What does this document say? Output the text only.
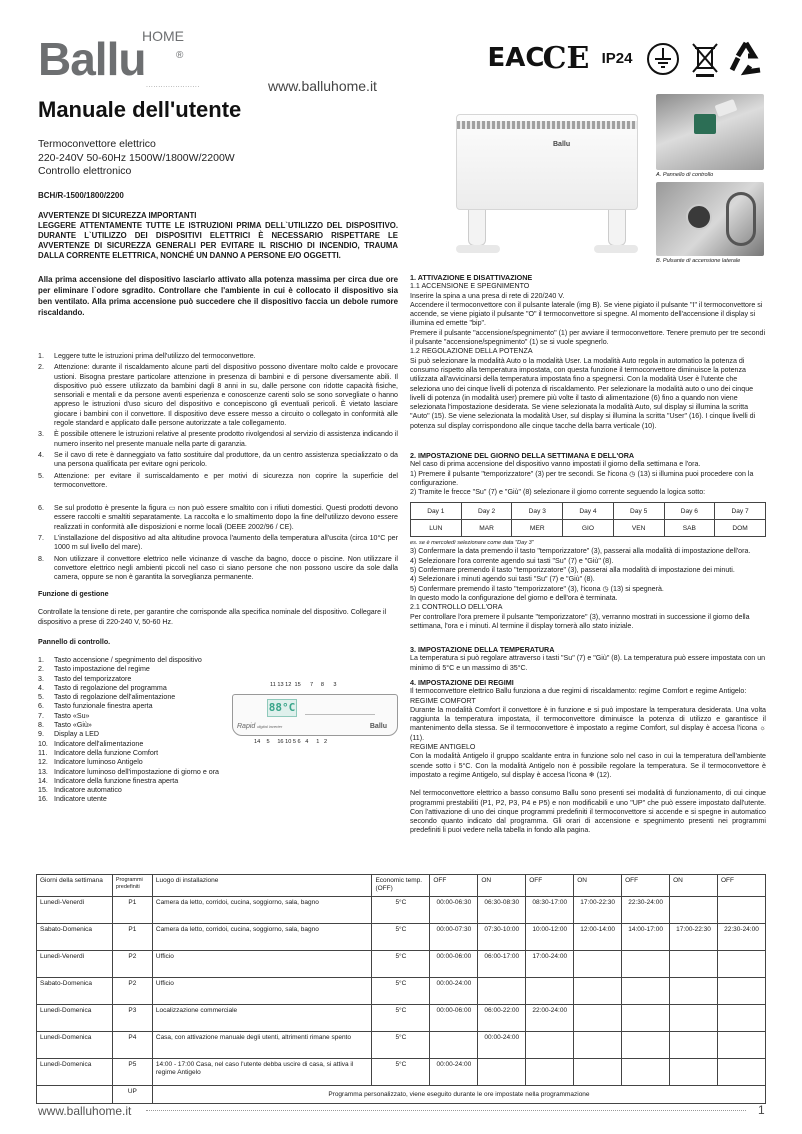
Ballu
HOME
®
......................	www.balluhome.it
EAC
CE IP24
Manuale dell'utente
Termoconvettore elettrico
220-240V 50-60Hz 1500W/1800W/2200W
Controllo elettronico
BCH/R-1500/1800/2200
Ballu
A. Pannello di controllo
B. Pulsante di accensione laterale
AVVERTENZE DI SICUREZZA IMPORTANTI
LEGGERE ATTENTAMENTE TUTTE LE ISTRUZIONI PRIMA DELL`UTILIZZO DEL DISPOSITIVO. DURANTE L`UTILIZZO DEI DISPOSITIVI ELETTRICI È NECESSARIO RISPETTARE LE AVVERTENZE DI SICUREZZA GENERALI PER EVITARE IL RISCHIO DI INCENDIO, TRAUMA DALLA CORRENTE ELETTRICA, NONCHÉ UN DANNO A PERSONE E/O OGGETTI.
Alla prima accensione del dispositivo lasciarlo attivato alla potenza massima per circa due ore per eliminare l`odore sgradito. Controllare che l'ambiente in cui è collocato il dispositivo sia ben ventilato. Alla prima accensione può succedere che il dispositivo faccia un debole rumore riscaldando.
1. Leggere tutte le istruzioni prima dell'utilizzo del termoconvettore.
2. Attenzione: durante il riscaldamento alcune parti del dispositivo possono diventare molto calde e provocare ustioni. Bisogna prestare particolare attenzione in presenza di bambini e di persone diversamente abili. Il dispositivo può essere utilizzato da bambini dagli 8 anni in su, dalle persone con ridotte capacità fisiche, sensoriali e mentali e da persone aventi esperienza e conoscenze carenti solo se sono sorvegliate o hanno appreso le istruzioni d'uso sicuro del dispositivo e concepiscono gli eventuali pericoli. È vietato lasciare giocare i bambini con il convettore. Il dispositivo deve essere messo a circuito o collegato in conformità alle regole standard e applicato dalle persone autorizzate a tale collegamento.
3. È possibile ottenere le istruzioni relative al presente prodotto rivolgendosi al servizio di assistenza indicando il numero inserito nel presente manuale nella parte di garanzia.
4. Se il cavo di rete è danneggiato va fatto sostituire dal produttore, da un centro assistenza specializzato o da una persona qualificata per evitare ogni pericolo.
5. Attenzione: per evitare il surriscaldamento e per motivi di sicurezza non coprire la superficie del termoconvettore.
6. Se sul prodotto è presente la figura ▭ non può essere smaltito con i rifiuti domestici. Questi prodotti devono essere raccolti e smaltiti separatamente. La raccolta e lo smaltimento dopo la fine dell'utilizzo devono essere realizzati in conformità alle disposizioni e norme locali (DEEE 2002/96 / CE).
7. L'installazione del dispositivo ad alta altitudine provoca l'aumento della temperatura all'uscita (circa 10°C per 1000 m sul livello del mare).
8. Non utilizzare il convettore elettrico nelle vicinanze di vasche da bagno, docce o piscine. Non utilizzare il convettore elettrico negli ambienti piccoli nel caso ci siano persone che non possono uscire da sole dalla camera, oppure se non è garantita la sorveglianza permanente.
Funzione di gestione
Controllate la tensione di rete, per garantire che corrisponde alla specifica nominale del dispositivo. Collegare il dispositivo a prese di 220-240 V, 50-60 Hz.
Pannello di controllo.
1. Tasto accensione / spegnimento del dispositivo
2. Tasto impostazione del regime
3. Tasto del temporizzatore
4. Tasto di regolazione del programma
5. Tasto di regolazione dell'alimentazione
6. Tasto funzionale finestra aperta
7. Tasto «Su»
8. Tasto «Giù»
9. Display a LED
10. Indicatore dell'alimentazione
11. Indicatore della funzione Comfort
12. Indicatore luminoso Antigelo
13. Indicatore luminoso dell'impostazione di giorno e ora
14. Indicatore della funzione finestra aperta
15. Indicatore automatico
16. Indicatore utente
11 13 12  15      7     8      3
88°C
Rapid digital inverter	Ballu
14    5     16 10 5 6   4     1   2
1. ATTIVAZIONE E DISATTIVAZIONE
1.1 ACCENSIONE E SPEGNIMENTO
Inserire la spina a una presa di rete di 220/240 V.
Accendere il termoconvettore con il pulsante laterale (img B). Se viene pigiato il pulsante "I" il termoconvettore si accende, se viene pigiato il pulsante "O" il termoconvettore si spegne. Al momento dell'accensione il display si illumina ed emette "bip".
Premere il pulsante "accensione/spegnimento" (1) per avviare il termoconvettore. Tenere premuto per tre secondi il pulsante "accensione/spegnimento" (1) se si vuole spegnerlo.
1.2 REGOLAZIONE DELLA POTENZA
Si può selezionare la modalità Auto o la modalità User. La modalità Auto regola in automatico la potenza di consumo rispetto alla temperatura impostata, con questa funzione il termoconvettore diminuisce la potenza utilizzata all'avvicinarsi della temperatura impostata fino a spegnersi. Con la modalità User è l'utente che seleziona uno dei cinque livelli di potenza di riscaldamento. Per selezionare la modalità auto o uno dei cinque livelli di potenza (in modalità user) premere più volte il tasto di alimentazione (6) fino a quando non viene selezionata l'impostazione desiderata. Se viene selezionata la modalità Auto, sul display si illumina la scritta "Auto" (15). Se viene selezionata la modalità User, sul display si illumina la scritta "User" (16). I cinque livelli di potenza sul display corrispondono alle cinque tacche della barra verticale (10).
2. IMPOSTAZIONE DEL GIORNO DELLA SETTIMANA E DELL'ORA
Nel caso di prima accensione del dispositivo vanno impostati il giorno della settimana e l'ora.
1) Premere il pulsante "temporizzatore" (3) per tre secondi. Se l'icona ◷ (13) si illumina puoi procedere con la configurazione.
2) Tramite le frecce "Su" (7) e "Giù" (8) selezionare il giorno corrente seguendo la logica sotto:
Day 1	Day 2	Day 3	Day 4	Day 5	Day 6	Day 7
LUN	MAR	MER	GIO	VEN	SAB	DOM
es. se è mercoledì selezionare come data "Day 3"
3) Confermare la data premendo il tasto "temporizzatore" (3), passerai alla modalità di impostazione dell'ora.
4) Selezionare l'ora corrente agendo sui tasti "Su" (7) e "Giù" (8).
5) Confermare premendo il tasto "temporizzatore" (3), passerai alla modalità di impostazione dei minuti.
4) Selezionare i minuti agendo sui tasti "Su" (7) e "Giù" (8).
5) Confermare premendo il tasto "temporizzatore" (3), l'icona ◷ (13) si spegnerà.
In questo modo la configurazione del giorno e dell'ora è terminata.
2.1 CONTROLLO DELL'ORA
Per controllare l'ora premere il pulsante "temporizzatore" (3), verranno mostrati in successione il giorno della settimana, l'ora e i minuti. Al termine il display tornerà allo stato iniziale.
3. IMPOSTAZIONE DELLA TEMPERATURA
La temperatura si può regolare attraverso i tasti "Su" (7) e "Giù" (8). La temperatura può essere impostata con un minimo di 5°C e un massimo di 35°C.
4. IMPOSTAZIONE DEI REGIMI
Il termoconvettore elettrico Ballu funziona a due regimi di riscaldamento: regime Comfort e regime Antigelo:
REGIME COMFORT
Durante la modalità Comfort il convettore è in funzione e si può impostare la temperatura desiderata. Una volta raggiunta la temperatura impostata, il termoconvettore diminuisce la potenza di utilizzo e garantisce il mantenimento della stessa. Se il termoconvettore è impostato a regime Comfort, sul display è accesa l'icona ☼ (11).
REGIME ANTIGELO
Con la modalità Antigelo il gruppo scaldante entra in funzione solo nel caso in cui la temperatura dell'ambiente scende sotto i 5°C. Con la modalità Antigelo non è possibile regolare la temperatura. Se il termoconvettore è impostato a regime Antigelo, sul display è accesa l'icona ❄ (12).
Nel termoconvettore elettrico a basso consumo Ballu sono presenti sei modalità di funzionamento, di cui cinque programmi prestabiliti (P1, P2, P3, P4 e P5) e non modificabili e uno "UP" che può essere impostato dall'utente. Con l'attivazione di uno dei cinque programmi predefiniti il termoconvettore si accende e si spegne in automatico secondo quanto indicato dal programma. Gli orari di accensione e spegnimento presenti nei programmi predefiniti li puoi vedere nella tabella in fondo alla pagina.
Giorni della settimana	Programmi predefiniti	Luogo di installazione	Economic temp. (OFF)	OFF	ON	OFF	ON	OFF	ON	OFF
Lunedì-Venerdì	P1	Camera da letto, corridoi, cucina, soggiorno, sala, bagno	5°C	00:00-06:30	06:30-08:30	08:30-17:00	17:00-22:30	22:30-24:00		
Sabato-Domenica	P1	Camera da letto, corridoi, cucina, soggiorno, sala, bagno	5°C	00:00-07:30	07:30-10:00	10:00-12:00	12:00-14:00	14:00-17:00	17:00-22:30	22:30-24:00
Lunedì-Venerdì	P2	Ufficio	5°C	00:00-06:00	06:00-17:00	17:00-24:00				
Sabato-Domenica	P2	Ufficio	5°C	00:00-24:00						
Lunedì-Domenica	P3	Localizzazione commerciale	5°C	00:00-06:00	06:00-22:00	22:00-24:00				
Lunedì-Domenica	P4	Casa, con attivazione manuale degli utenti, altrimenti rimane spento	5°C		00:00-24:00					
Lunedì-Domenica	P5	14:00 - 17:00 Casa, nel caso l'utente debba uscire di casa, si attiva il regime Antigelo	5°C	00:00-24:00						
	UP	Programma personalizzato, viene eseguito durante le ore impostate nella programmazione								
www.balluhome.it	1
